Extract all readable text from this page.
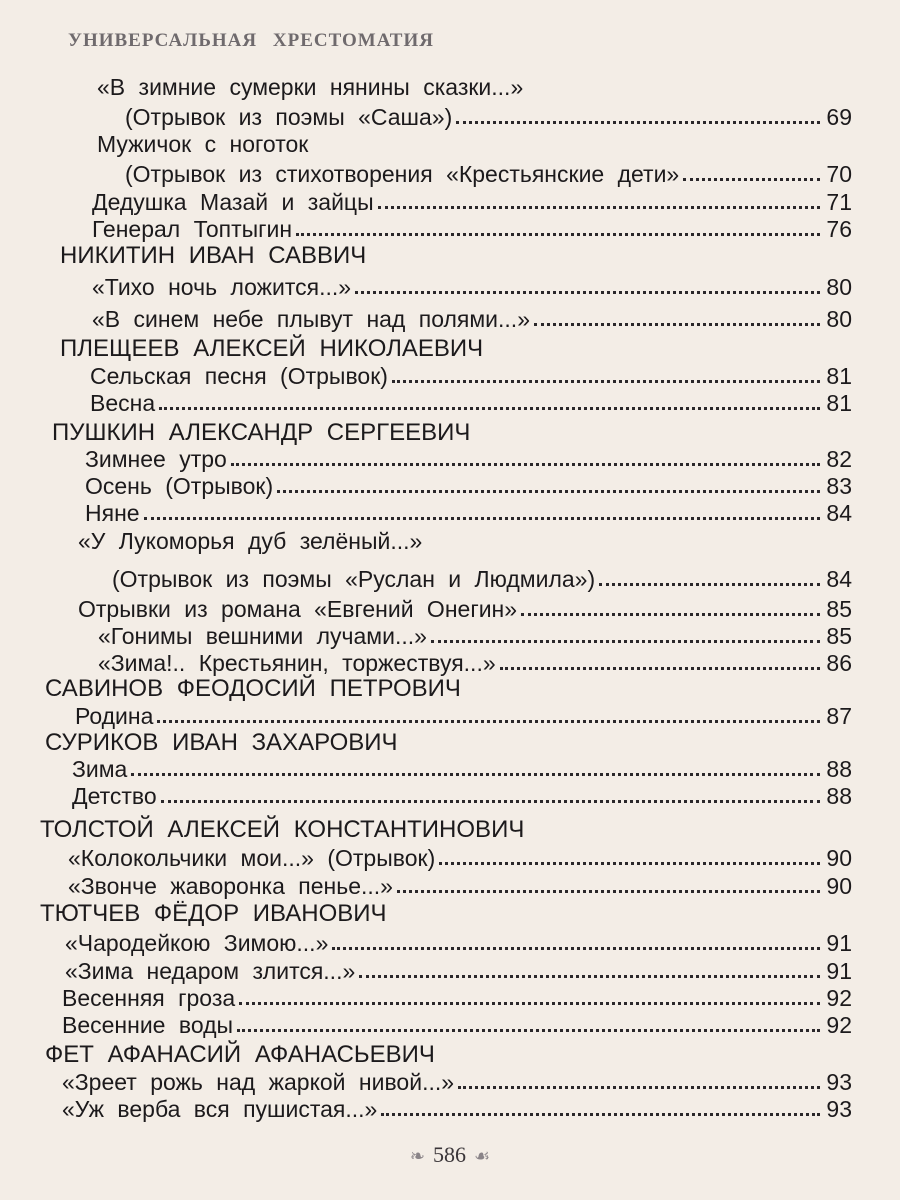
УНИВЕРСАЛЬНАЯ ХРЕСТОМАТИЯ
«В зимние сумерки нянины сказки...»
(Отрывок из поэмы «Саша»)	69
Мужичок с ноготок
(Отрывок из стихотворения «Крестьянские дети»	70
Дедушка Мазай и зайцы	71
Генерал Топтыгин	76
НИКИТИН ИВАН САВВИЧ
«Тихо ночь ложится...»	80
«В синем небе плывут над полями...»	80
ПЛЕЩЕЕВ АЛЕКСЕЙ НИКОЛАЕВИЧ
Сельская песня (Отрывок)	81
Весна	81
ПУШКИН АЛЕКСАНДР СЕРГЕЕВИЧ
Зимнее утро	82
Осень (Отрывок)	83
Няне	84
«У Лукоморья дуб зелёный...»
(Отрывок из поэмы «Руслан и Людмила»)	84
Отрывки из романа «Евгений Онегин»	85
«Гонимы вешними лучами...»	85
«Зима!.. Крестьянин, торжествуя...»	86
САВИНОВ ФЕОДОСИЙ ПЕТРОВИЧ
Родина	87
СУРИКОВ ИВАН ЗАХАРОВИЧ
Зима	88
Детство	88
ТОЛСТОЙ АЛЕКСЕЙ КОНСТАНТИНОВИЧ
«Колокольчики мои...» (Отрывок)	90
«Звонче жаворонка пенье...»	90
ТЮТЧЕВ ФЁДОР ИВАНОВИЧ
«Чародейкою Зимою...»	91
«Зима недаром злится...»	91
Весенняя гроза	92
Весенние воды	92
ФЕТ АФАНАСИЙ АФАНАСЬЕВИЧ
«Зреет рожь над жаркой нивой...»	93
«Уж верба вся пушистая...»	93
❧ 586 ☙
